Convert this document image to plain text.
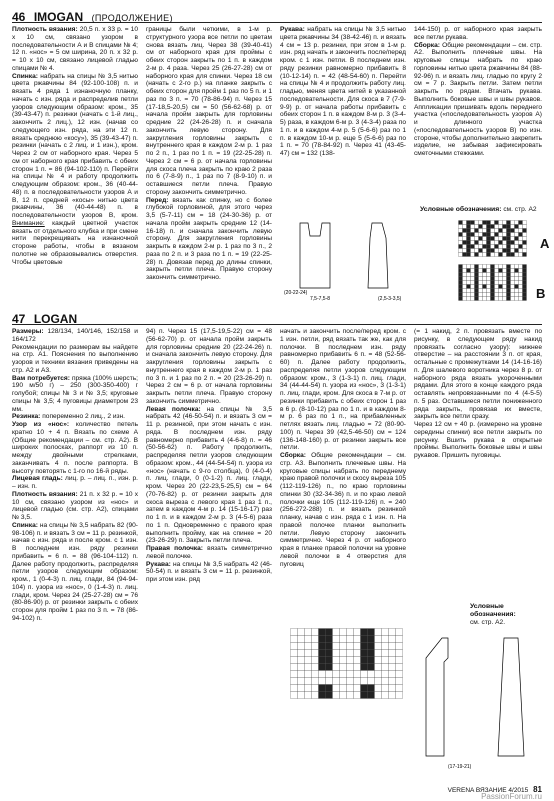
46 IMOGAN (ПРОДОЛЖЕНИЕ)

Плотность вязания: 20,5 п. х 33 р. = 10 х 10 см, связано узором в последовательности А и В спицами № 4; 12 п. «нос» = 5 см ширина, 20 п. х 32 р. = 10 х 10 см, связано лицевой гладью спицами № 4.

Спинка: набрать на спицы № 3,5 нитью цвета ржавчины 84 (92-100-108) п. и вязать 4 ряда 1 изнаночную планку, начать с изн. ряда и распределив петли узоров следующим образом: кром., 35 (39-43-47) п. резинки (начать с 1-й лиц., закончить 2 лиц.), 12 изн. (начав со следующего изн. ряда, на эти 12 п. вязать среднюю «косу»), 35 (39-43-47) п. резинки (начать с 2 лиц. и 1 изн.), кром. Через 2 см от наборного края. Через 5 см от наборного края прибавить с обеих сторон 1 п. = 86 (94-102-110) п. Перейти на спицы № 4 и работу продолжить следующим образом: кром., 36 (40-44-48) п. в последовательности узоров А и В, 12 п. средней «косы» нитью цвета ржавчины, 36 (40-44-48) п. в последовательности узоров В, кром. Внимание: каждый цветной участок вязать от отдельного клубка и при смене нити перекрещивать на изнаночной стороне работы, чтобы в вязаном полотне не образовывались отверстия. Чтобы цветовые

границы были четкими, в 1-м р. структурного узора все петли по цветам снова вязать лиц. Через 38 (39-40-41) см от наборного края для проймы с обеих сторон закрыть по 1 п. в каждом 2-м р. 4 раза. Через 25 (26-27-28) см от наборного края для спинки. Через 18 см (начать с 2-го р.) на планке закрыть с обеих сторон для пройм 1 раз по 5 п. и 1 раз по 3 п. = 70 (78-86-94) п. Через 15 (17-18,5-20,5) см = 50 (56-62-68) р. от начала пройм закрыть для горловины средние 22 (24-26-28) п. и сначала закончить левую сторону. Для закругления горловины закрыть с внутреннего края в каждом 2-м р. 1 раз по 2 п., 1 раз по 1 п. = 19 (22-25-28) п. Через 2 см = 6 р. от начала горловины для скоса плеча закрыть по краю 2 раза по 6 (7-8-9) п., 1 раз по 7 (8-9-10) п. и оставшиеся петли плеча. Правую сторону закончить симметрично.

Перед: вязать как спинку, но с более глубокой горловиной, для этого через 3,5 (5-7-11) см = 18 (24-30-36) р. от начала пройм закрыть средние 12 (14-16-18) п. и сначала закончить левую сторону. Для закругления горловины закрыть в каждом 2-м р. 1 раз по 3 п., 2 раза по 2 п. и 3 раза по 1 п. = 19 (22-25-28) п. Довязав перед до длины спинки, закрыть петли плеча. Правую сторону закончить симметрично.

Рукава: набрать на спицы № 3,5 нитью цвета ржавчины 34 (38-42-46) п. и вязать 4 см = 13 р. резинки, при этом в 1-м р. изн. ряд начать и закончить после/перед кром. с 1 изн. петли. В последнем изн. ряду резинки равномерно прибавить 8 (10-12-14) п. = 42 (48-54-60) п. Перейти на спицы № 4 и продолжить работу лиц. гладью, меняя цвета нитей в указанной последовательности. Для скоса в 7 (7-9-9-9) р. от начала работы прибавить с обеих сторон 1 п. в каждом 8-м р. 3 (3-4-5) раза, в каждом 6-м р. 3 (4-3-4) раза по 1 п. и в каждом 4-м р. 5 (5-6-6) раз по 1 п. в каждом 10-м р. еще 5 (5-6-6) раз по 1 п. = 70 (78-84-92) п. Через 41 (43-45-47) см = 132 (138-

144-150) р. от наборного края закрыть все петли рукава.

Сборка: Общие рекомендации – см. стр. А2. Выполнить плечевые швы. На круговые спицы набрать по краю горловины нитью цвета ржавчины 84 (88-92-96) п. и вязать лиц. гладью по кругу 2 см = 7 р. Закрыть петли. Затем петли закрыть по рядам. Втачать рукава. Выполнить боковые швы и швы рукавов. Аппликации пришивать вдоль переднего участка («последовательность узоров А) и длинного участка («последовательность узоров В) по изн. стороне, чтобы дополнительно закрепить изделие, не забывая зафиксировать сметочными стежками.

(20-22-24)
(2,5-3-3,5)
7,5-7,5-8
Условные обозначения: см. стр. А2
A
B
47 LOGAN

Размеры: 128/134, 140/146, 152/158 и 164/172

Рекомендации по размерам вы найдете на стр. А1. Пояснения по выполнению узоров и техники вязания приведены на стр. А2 и А3.

Вам потребуется: пряжа (100% шерсть; 190 м/50 г) – 250 (300-350-400) г голубой; спицы № 3 и № 3,5; круговые спицы № 3,5; 4 пуговицы диаметром 23 мм.

Резинка: попеременно 2 лиц., 2 изн.

Узор из «нос»: количество петель кратно 10 + 4 п. Вязать по схеме А (Общие рекомендации – см. стр. А2). В широких полосках, раппорт из 10 п. между двойными стрелками, заканчивать 4 п. после раппорта. В высоту повторять с 1-го по 16-й ряды.

Лицевая гладь: лиц. р. – лиц. п., изн. р. – изн. п.

Плотность вязания: 21 п. х 32 р. = 10 х 10 см, связано узором из «нос» и лицевой гладью (см. стр. А2), спицами № 3,5.

Спинка: на спицы № 3,5 набрать 82 (90-98-106) п. и вязать 3 см = 11 р. резинкой, начав с изн. ряда и после кром. с 1 изн. В последнем изн. ряду резинки прибавить = 6 п. = 88 (96-104-112) п. Далее работу продолжить, распределяя петли узоров следующим образом: кром., 1 (0-4-3) п. лиц. глади, 84 (94-94-104) п. узора из «нос», 0 (1-4-3) п. лиц. глади, кром. Через 24 (25-27-28) см = 76 (80-86-90) р. от резинки закрыть с обеих сторон для пройм 1 раз по 3 п. = 78 (86-94-102) п.

94) п. Через 15 (17,5-19,5-22) см = 48 (56-62-70) р. от начала пройм закрыть для горловины средние 20 (22-24-26) п. и сначала закончить левую сторону. Для закругления горловины закрыть с внутреннего края в каждом 2-м р. 1 раз по 3 п. и 1 раз по 2 п. = 20 (23-26-29) п. Через 2 см = 6 р. от начала горловины закрыть петли плеча. Правую сторону закончить симметрично.

Левая полочка: на спицы № 3,5 набрать 42 (46-50-54) п. и вязать 3 см = 11 р. резинкой, при этом начать с изн. ряда. В последнем изн. ряду равномерно прибавить 4 (4-6-8) п. = 46 (50-56-62) п. Работу продолжить, распределяя петли узоров следующим образом: кром., 44 (44-54-54) п. узора из «нос» (начать с 9-го столбца), 0 (4-0-4) п. лиц. глади, 0 (0-1-2) п. лиц. глади, кром. Через 20 (22-23,5-25,5) см = 64 (70-76-82) р. от резинки закрыть для скоса выреза с левого края 1 раз 1 п., затем в каждом 4-м р. 14 (15-16-17) раз по 1 п. и в каждом 2-м р. 3 (4-5-6) раза по 1 п. Одновременно с правого края выполнить пройму, как на спинке = 20 (23-26-29) п. Закрыть петли плеча.

Правая полочка: вязать симметрично левой полочке.

Рукава: на спицы № 3,5 набрать 42 (46-50-54) п. и вязать 3 см = 11 р. резинкой, при этом изн. ряд

начать и закончить после/перед кром. с 1 изн. петли, ряд вязать так же, как для полочки. В последнем изн. ряду равномерно прибавить 6 п. = 48 (52-56-60) п. Далее работу продолжить, распределяя петли узоров следующим образом: кром., 3 (1-3-1) п. лиц. глади, 34 (44-44-54) п. узора из «нос», 3 (1-3-1) п. лиц. глади, кром. Для скоса в 7-м р. от резинки прибавить с обеих сторон 1 раз в 6 р. (8-10-12) раз по 1 п. и в каждом 8-м р. 6 раз по 1 п., на прибавленных петлях вязать лиц. гладью = 72 (80-90-100) п. Через 39 (42,5-46-50) см = 124 (136-148-160) р. от резинки закрыть все петли.

Сборка: Общие рекомендации – см. стр. А3. Выполнить плечевые швы. На круговые спицы набрать по переднему краю правой полочки и скосу выреза 105 (112-119-126) п., по краю горловины спинки 30 (32-34-36) п. и по краю левой полочки еще 105 (112-119-126) п. = 240 (256-272-288) п. и вязать резинкой планку, начав с изн. ряда с 1 изн. п. На правой полочке планки выполнить петли. Левую сторону закончить симметрично. Через 4 р. от наборного края в планке правой полочки на уровне левой полочки в 4 отверстия для пуговиц

(= 1 накид, 2 п. провязать вместе по рисунку, в следующем ряду накид провязать согласно узору): нижнее отверстие – на расстоянии 3 п. от края, остальные с промежутками 14 (14-16-16) п. Для шалевого воротника через 8 р. от наборного ряда вязать укороченными рядами. Для этого в конце каждого ряда оставлять непровязанными по 4 (4-5-5) п. 5 раз. Оставшиеся петли пониженного ряда закрыть, провязав их вместе, закрыть все петли сразу.

Через 12 см + 40 р. (измерено на уровне середины спинки) все петли закрыть по рисунку. Вшить рукава в открытые проймы. Выполнить боковые швы и швы рукавов. Пришить пуговицы.

Условные обозначения:
см. стр. А2.
(17-19-21)
VERENA ВЯЗАНИЕ 4/2015 81
PassionForum.ru
